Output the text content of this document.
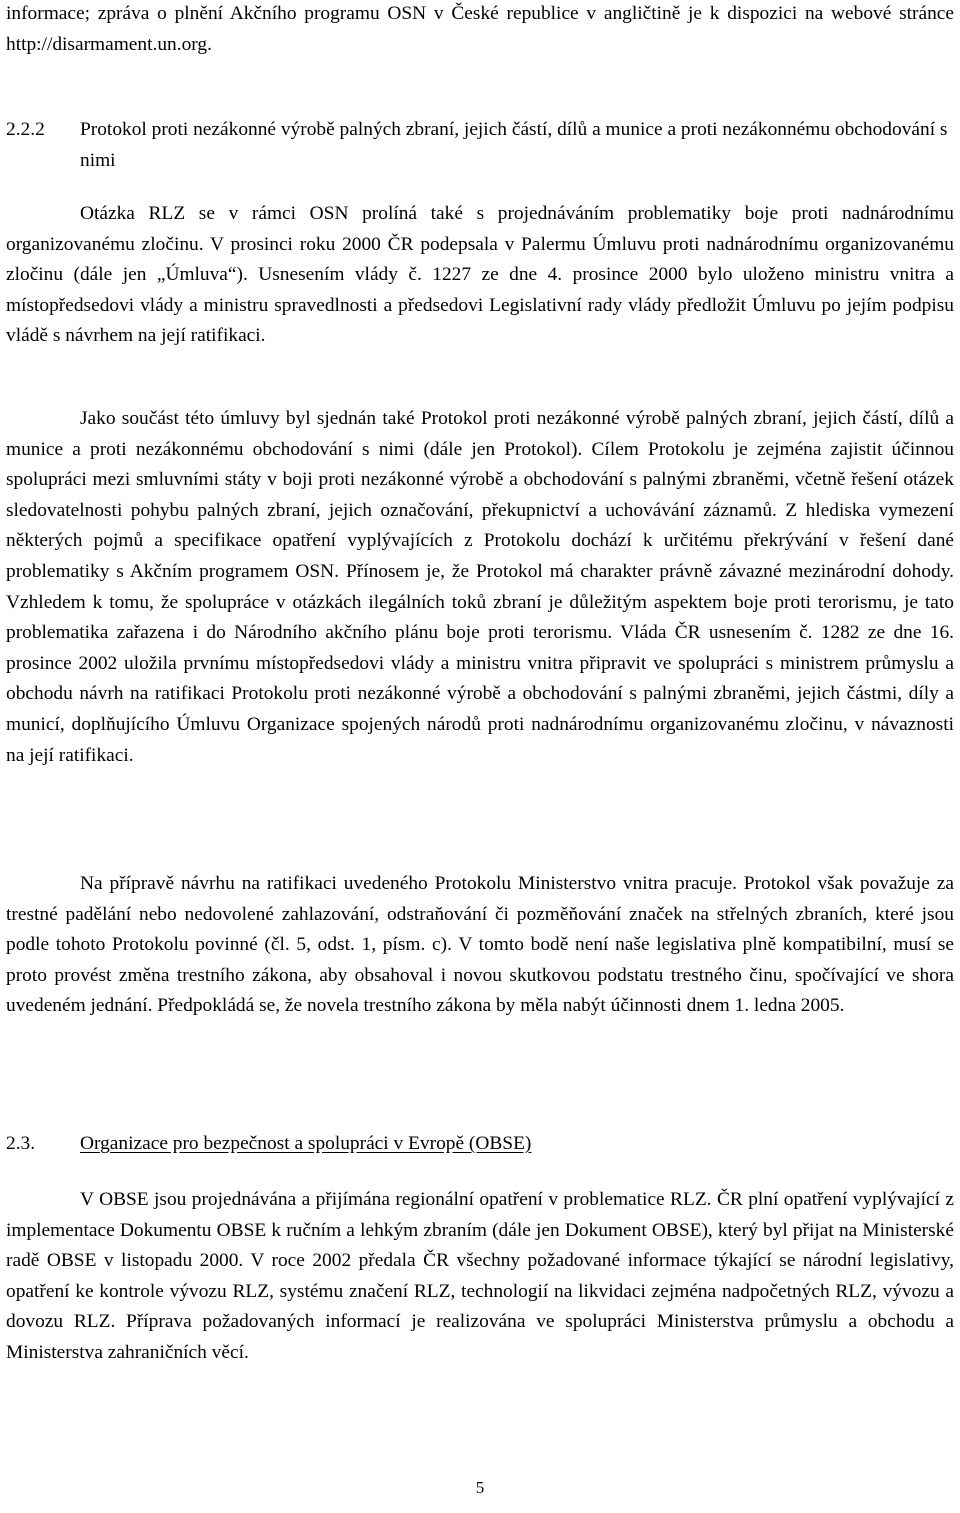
informace; zpráva o plnění Akčního programu OSN v České republice v angličtině je k dispozici na webové stránce http://disarmament.un.org.

2.2.2	Protokol proti nezákonné výrobě palných zbraní, jejich částí, dílů a munice a proti nezákonnému obchodování s nimi

Otázka RLZ se v rámci OSN prolíná také s projednáváním problematiky boje proti nadnárodnímu organizovanému zločinu. V prosinci roku 2000 ČR podepsala v Palermu Úmluvu proti nadnárodnímu organizovanému zločinu (dále jen „Úmluva“). Usnesením vlády č. 1227 ze dne 4. prosince 2000 bylo uloženo ministru vnitra a místopředsedovi vlády a ministru spravedlnosti a předsedovi Legislativní rady vlády předložit Úmluvu po jejím podpisu vládě s návrhem na její ratifikaci.

Jako součást této úmluvy byl sjednán také Protokol proti nezákonné výrobě palných zbraní, jejich částí, dílů a munice a proti nezákonnému obchodování s nimi (dále jen Protokol). Cílem Protokolu je zejména zajistit účinnou spolupráci mezi smluvními státy v boji proti nezákonné výrobě a obchodování s palnými zbraněmi, včetně řešení otázek sledovatelnosti pohybu palných zbraní, jejich označování, překupnictví a uchovávání záznamů. Z hlediska vymezení některých pojmů a specifikace opatření vyplývajících z Protokolu dochází k určitému překrývání v řešení dané problematiky s Akčním programem OSN. Přínosem je, že Protokol má charakter právně závazné mezinárodní dohody. Vzhledem k tomu, že spolupráce v otázkách ilegálních toků zbraní je důležitým aspektem boje proti terorismu, je tato problematika zařazena i do Národního akčního plánu boje proti terorismu. Vláda ČR usnesením č. 1282 ze dne 16. prosince 2002 uložila prvnímu místopředsedovi vlády a ministru vnitra připravit ve spolupráci s ministrem průmyslu a obchodu návrh na ratifikaci Protokolu proti nezákonné výrobě a obchodování s palnými zbraněmi, jejich částmi, díly a municí, doplňujícího Úmluvu Organizace spojených národů proti nadnárodnímu organizovanému zločinu, v návaznosti na její ratifikaci.

Na přípravě návrhu na ratifikaci uvedeného Protokolu Ministerstvo vnitra pracuje. Protokol však považuje za trestné padělání nebo nedovolené zahlazování, odstraňování či pozměňování značek na střelných zbraních, které jsou podle tohoto Protokolu povinné (čl. 5, odst. 1, písm. c). V tomto bodě není naše legislativa plně kompatibilní, musí se proto provést změna trestního zákona, aby obsahoval i novou skutkovou podstatu trestného činu, spočívající ve shora uvedeném jednání. Předpokládá se, že novela trestního zákona by měla nabýt účinnosti dnem 1. ledna 2005.

2.3.	Organizace pro bezpečnost a spolupráci v Evropě (OBSE)

V OBSE jsou projednávána a přijímána regionální opatření v problematice RLZ. ČR plní opatření vyplývající z implementace Dokumentu OBSE k ručním a lehkým zbraním (dále jen Dokument OBSE), který byl přijat na Ministerské radě OBSE v listopadu 2000. V roce 2002 předala ČR všechny požadované informace týkající se národní legislativy, opatření ke kontrole vývozu RLZ, systému značení RLZ, technologií na likvidaci zejména nadpočetných RLZ, vývozu a dovozu RLZ. Příprava požadovaných informací je realizována ve spolupráci Ministerstva průmyslu a obchodu a Ministerstva zahraničních věcí.

5
